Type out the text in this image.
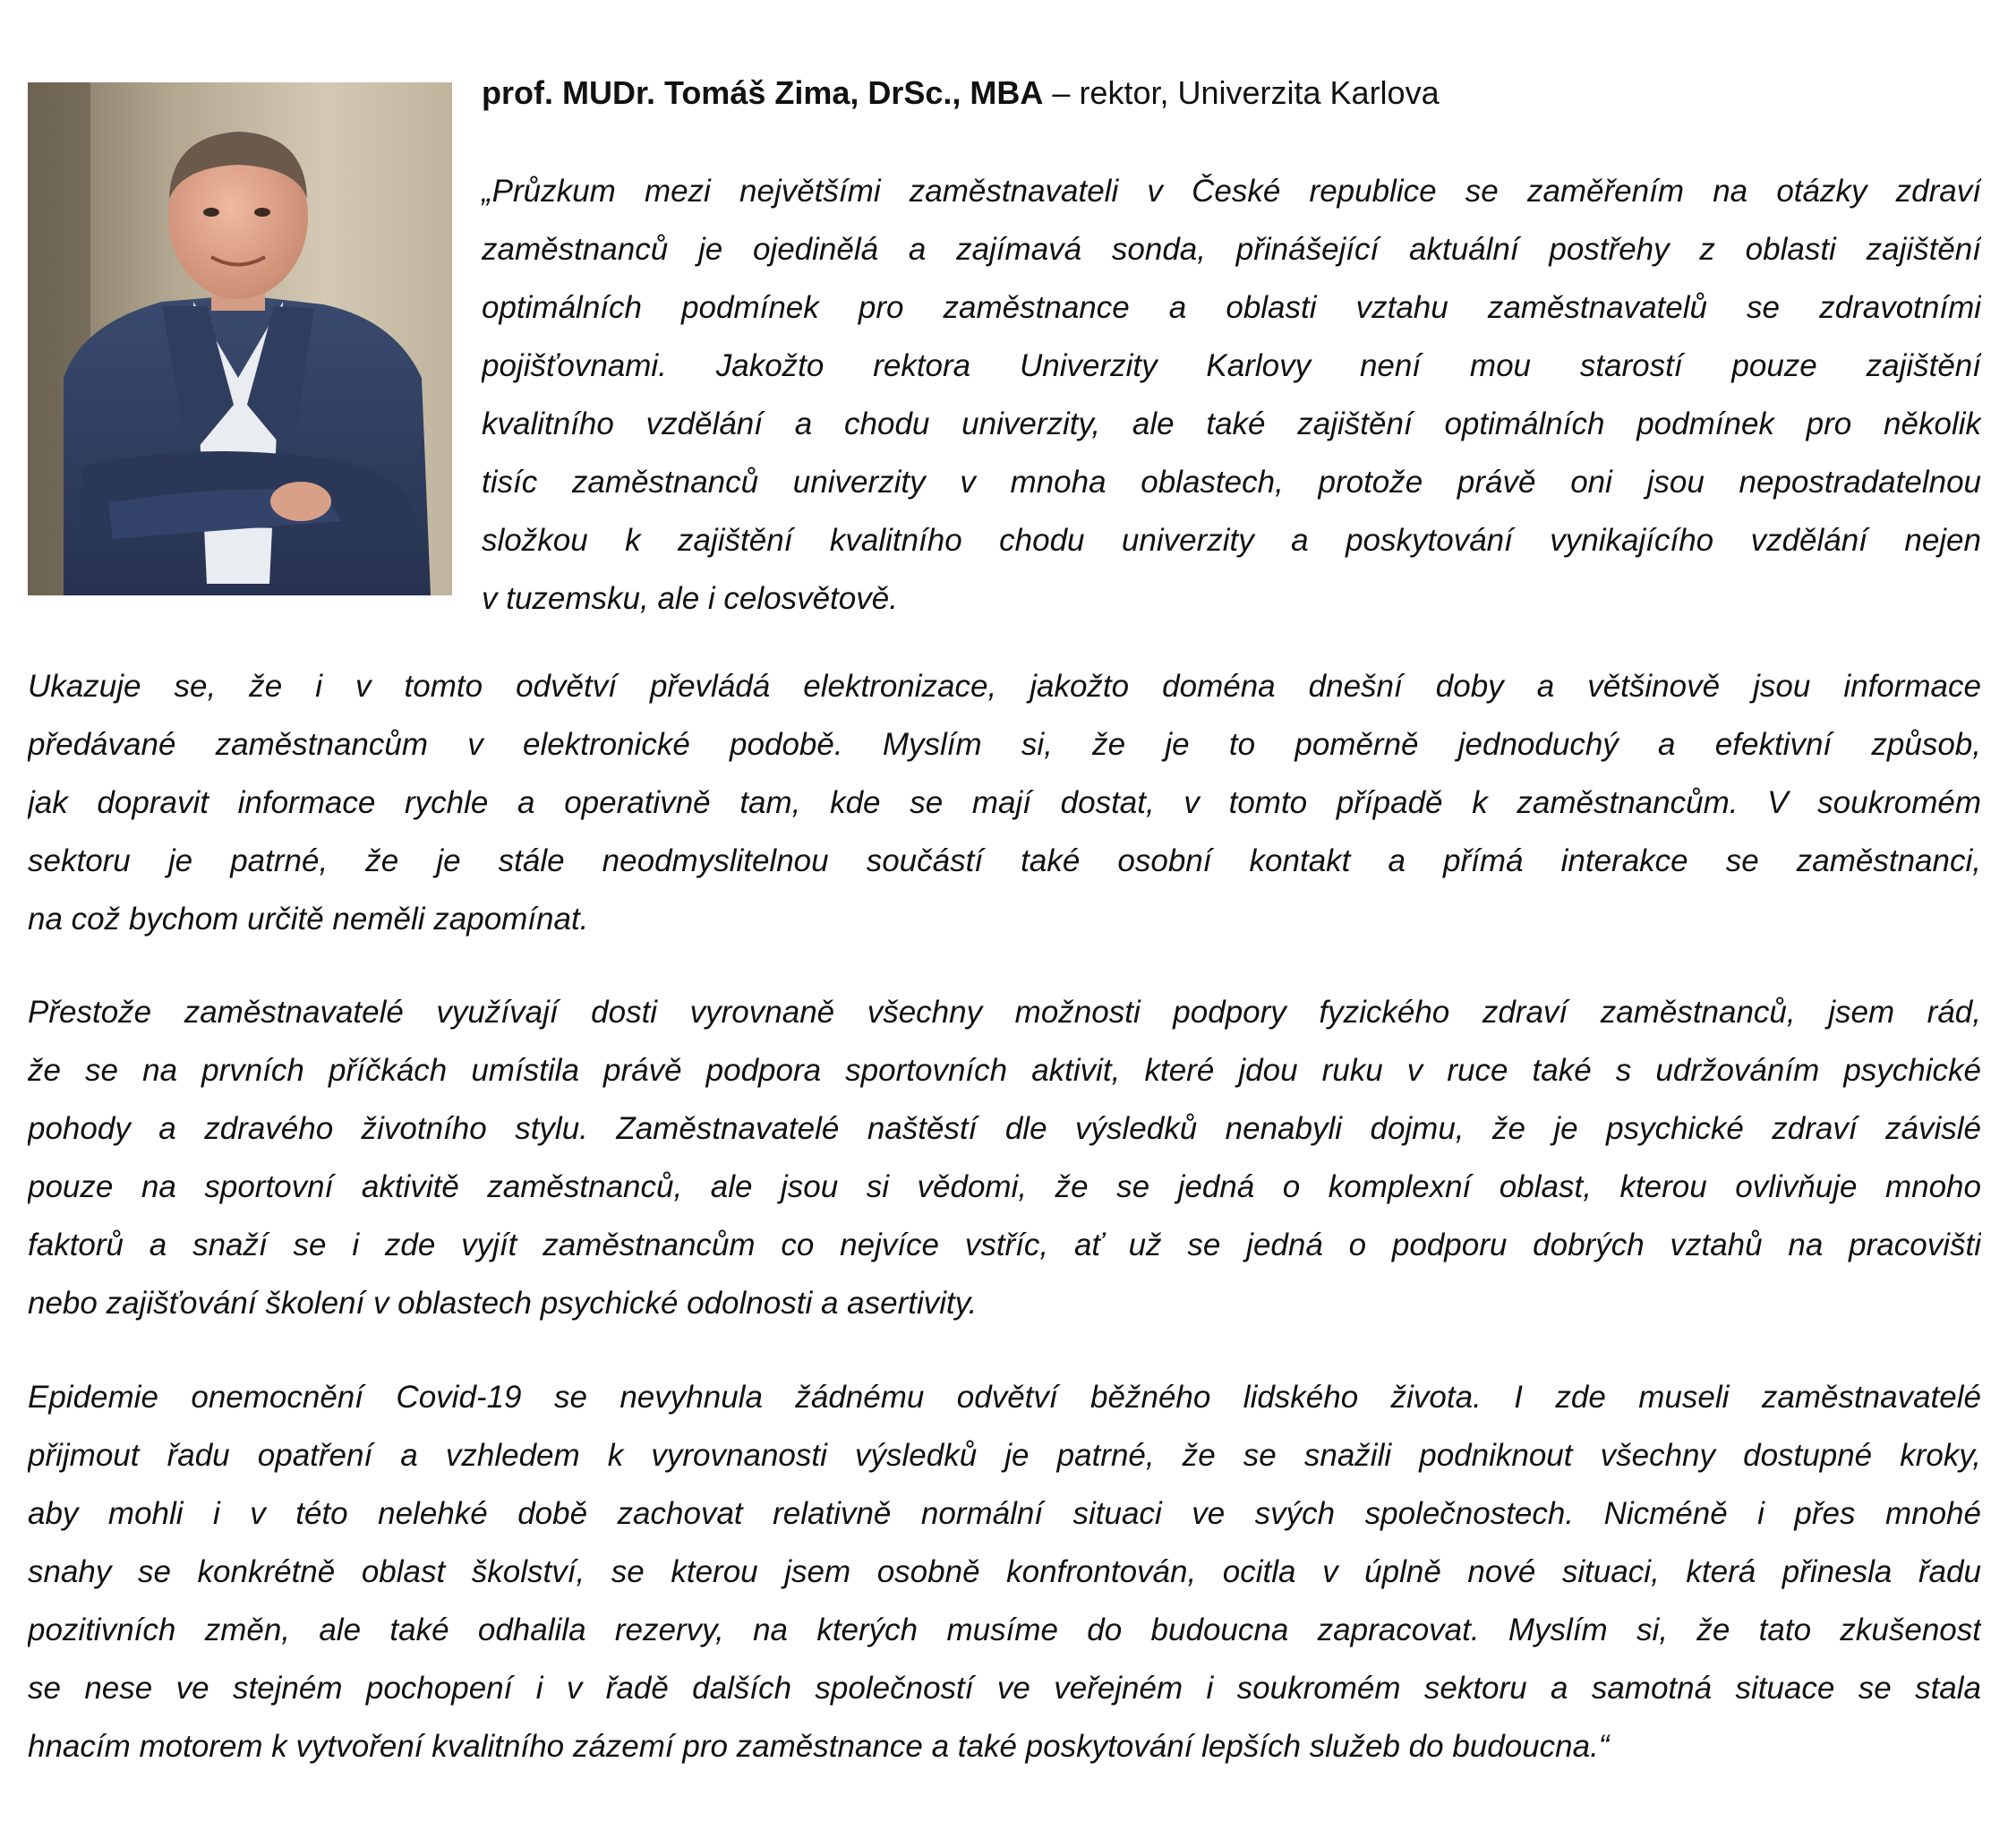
prof. MUDr. Tomáš Zima, DrSc., MBA – rektor, Univerzita Karlova
„Průzkum mezi největšími zaměstnavateli v České republice se zaměřením na otázky zdraví
zaměstnanců je ojedinělá a zajímavá sonda, přinášející aktuální postřehy z oblasti zajištění
optimálních podmínek pro zaměstnance a oblasti vztahu zaměstnavatelů se zdravotními
pojišťovnami. Jakožto rektora Univerzity Karlovy není mou starostí pouze zajištění
kvalitního vzdělání a chodu univerzity, ale také zajištění optimálních podmínek pro několik
tisíc zaměstnanců univerzity v mnoha oblastech, protože právě oni jsou nepostradatelnou
složkou k zajištění kvalitního chodu univerzity a poskytování vynikajícího vzdělání nejen
v tuzemsku, ale i celosvětově.
Ukazuje se, že i v tomto odvětví převládá elektronizace, jakožto doména dnešní doby a většinově jsou informace
předávané zaměstnancům v elektronické podobě. Myslím si, že je to poměrně jednoduchý a efektivní způsob,
jak dopravit informace rychle a operativně tam, kde se mají dostat, v tomto případě k zaměstnancům. V soukromém
sektoru je patrné, že je stále neodmyslitelnou součástí také osobní kontakt a přímá interakce se zaměstnanci,
na což bychom určitě neměli zapomínat.
Přestože zaměstnavatelé využívají dosti vyrovnaně všechny možnosti podpory fyzického zdraví zaměstnanců, jsem rád,
že se na prvních příčkách umístila právě podpora sportovních aktivit, které jdou ruku v ruce také s udržováním psychické
pohody a zdravého životního stylu. Zaměstnavatelé naštěstí dle výsledků nenabyli dojmu, že je psychické zdraví závislé
pouze na sportovní aktivitě zaměstnanců, ale jsou si vědomi, že se jedná o komplexní oblast, kterou ovlivňuje mnoho
faktorů a snaží se i zde vyjít zaměstnancům co nejvíce vstříc, ať už se jedná o podporu dobrých vztahů na pracovišti
nebo zajišťování školení v oblastech psychické odolnosti a asertivity.
Epidemie onemocnění Covid-19 se nevyhnula žádnému odvětví běžného lidského života. I zde museli zaměstnavatelé
přijmout řadu opatření a vzhledem k vyrovnanosti výsledků je patrné, že se snažili podniknout všechny dostupné kroky,
aby mohli i v této nelehké době zachovat relativně normální situaci ve svých společnostech. Nicméně i přes mnohé
snahy se konkrétně oblast školství, se kterou jsem osobně konfrontován, ocitla v úplně nové situaci, která přinesla řadu
pozitivních změn, ale také odhalila rezervy, na kterých musíme do budoucna zapracovat. Myslím si, že tato zkušenost
se nese ve stejném pochopení i v řadě dalších společností ve veřejném i soukromém sektoru a samotná situace se stala
hnacím motorem k vytvoření kvalitního zázemí pro zaměstnance a také poskytování lepších služeb do budoucna.“
